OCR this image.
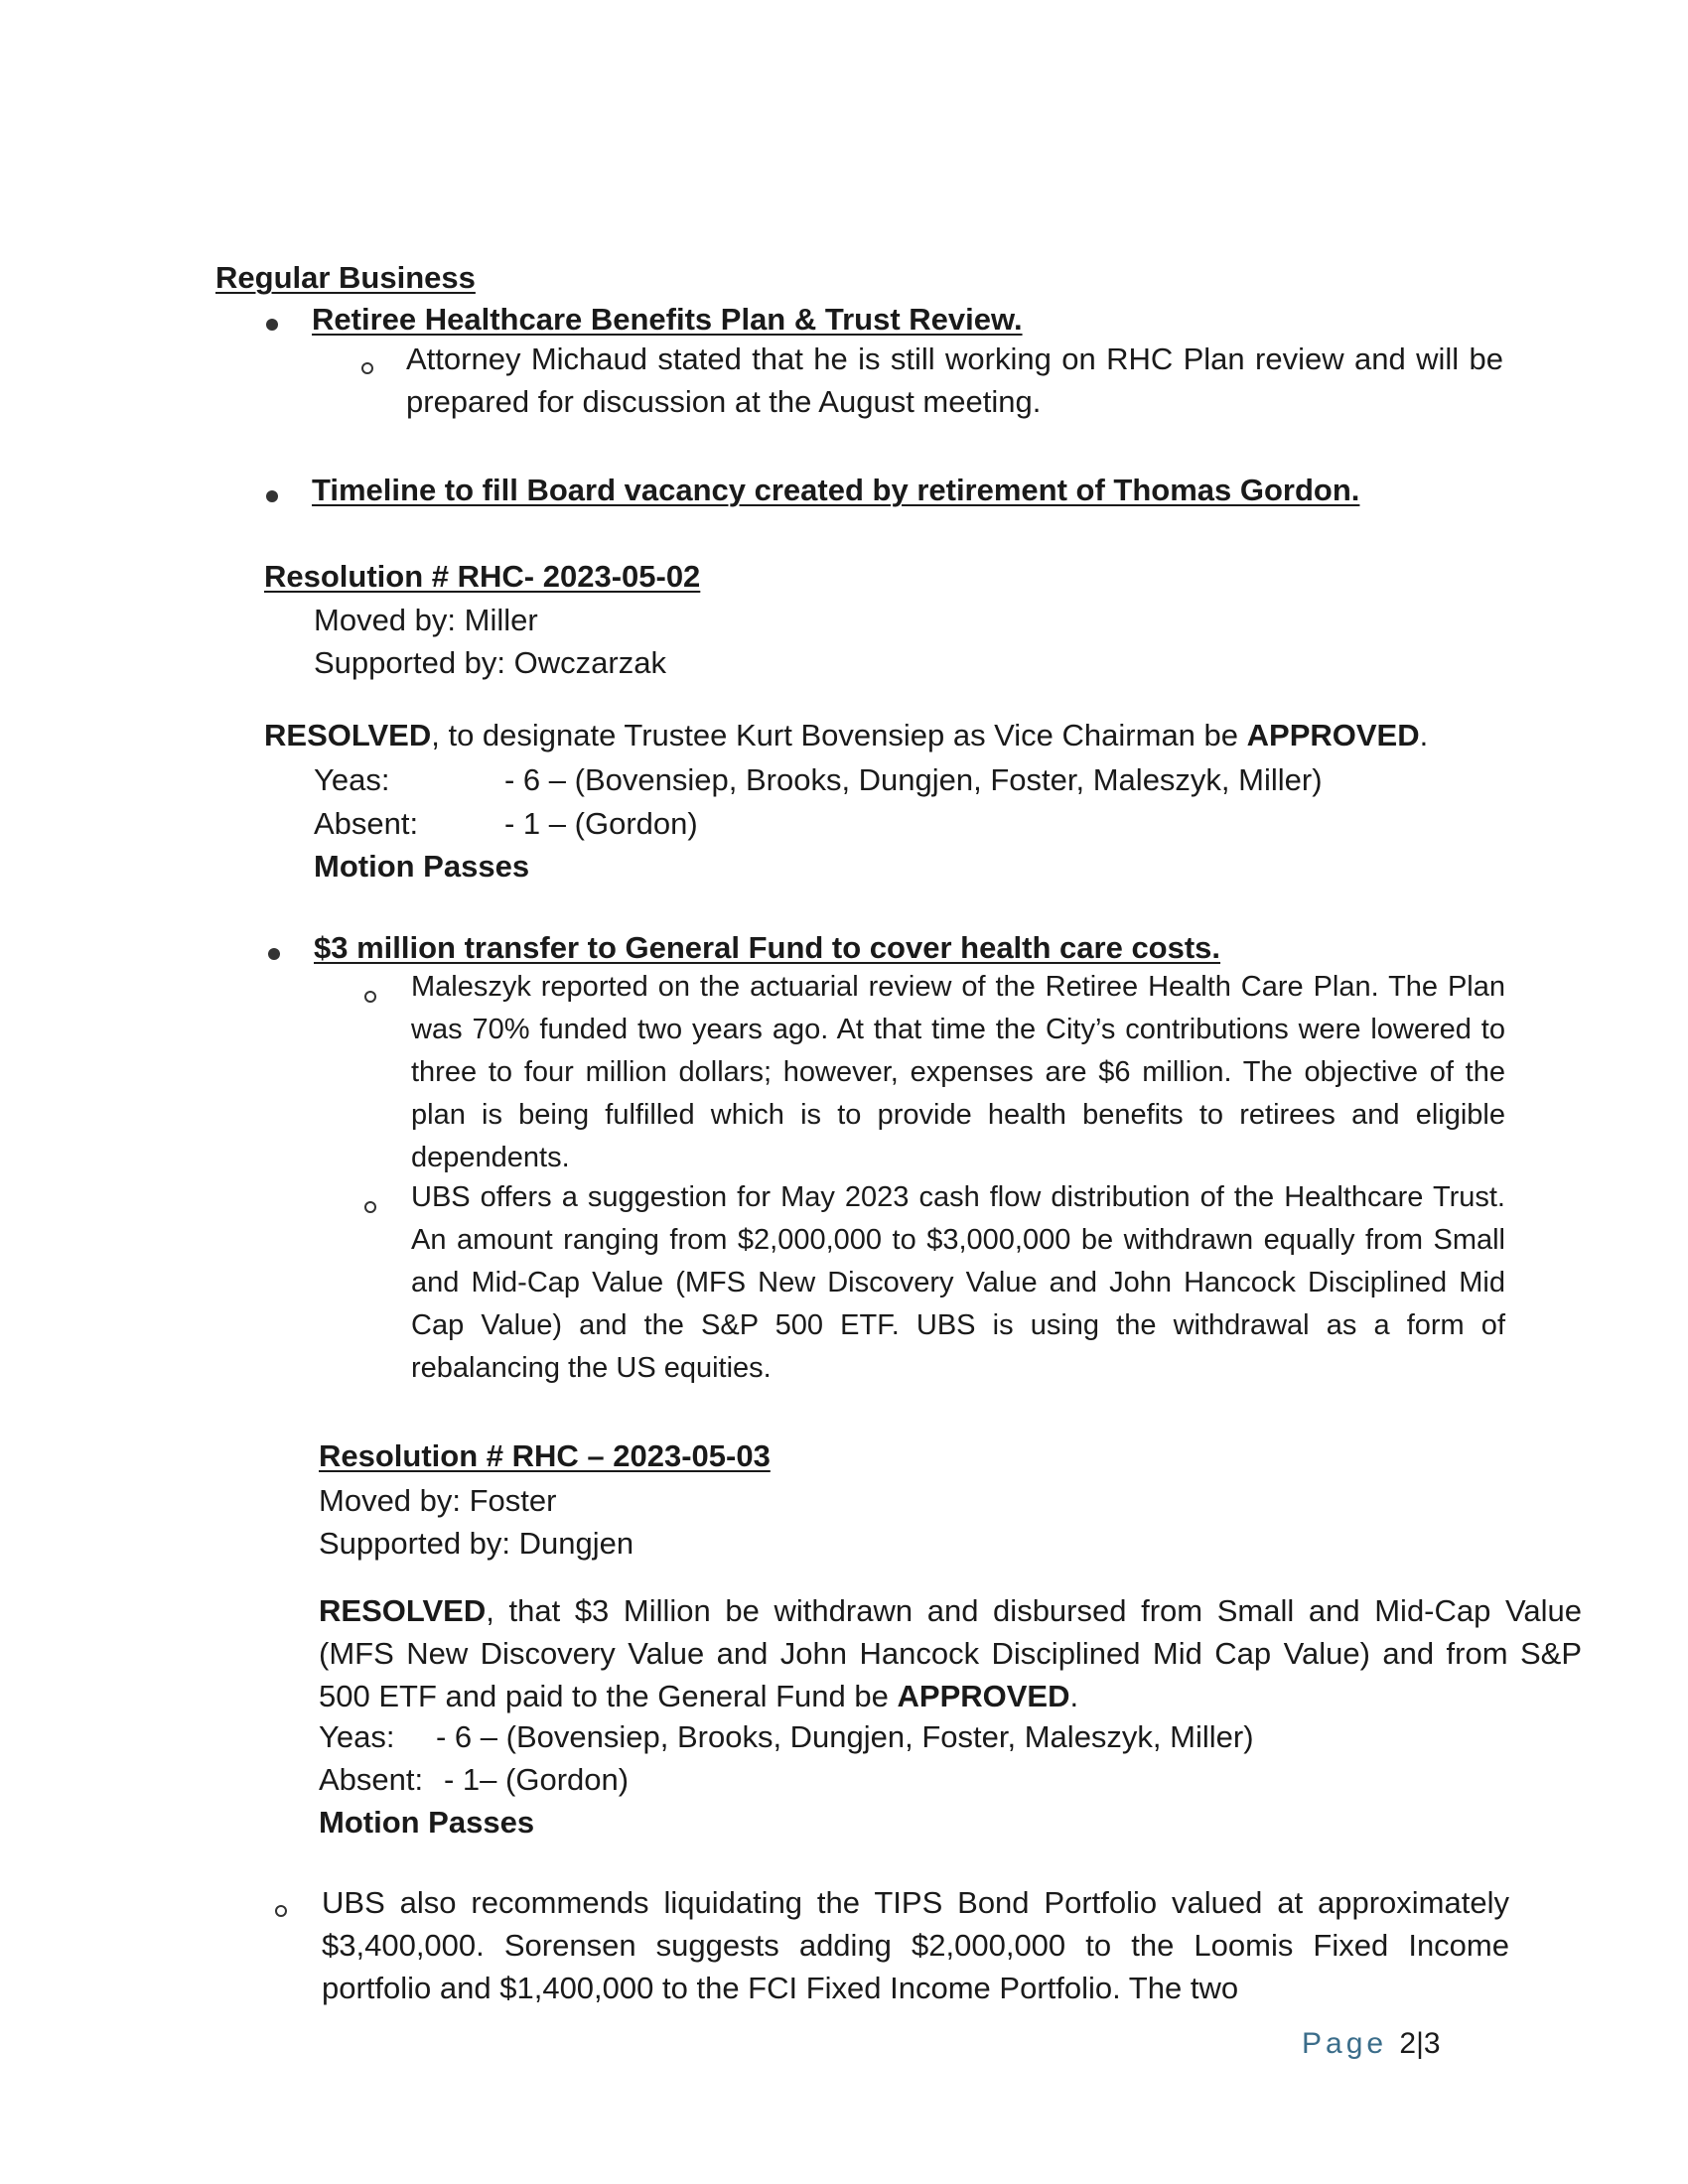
Regular Business
Retiree Healthcare Benefits Plan & Trust Review.
Attorney Michaud stated that he is still working on RHC Plan review and will be prepared for discussion at the August meeting.
Timeline to fill Board vacancy created by retirement of Thomas Gordon.
Resolution # RHC- 2023-05-02
Moved by: Miller
Supported by: Owczarzak
RESOLVED, to designate Trustee Kurt Bovensiep as Vice Chairman be APPROVED.
Yeas:	- 6 – (Bovensiep, Brooks, Dungjen, Foster, Maleszyk, Miller)
Absent:	- 1 – (Gordon)
Motion Passes
$3 million transfer to General Fund to cover health care costs.
Maleszyk reported on the actuarial review of the Retiree Health Care Plan. The Plan was 70% funded two years ago. At that time the City’s contributions were lowered to three to four million dollars; however, expenses are $6 million. The objective of the plan is being fulfilled which is to provide health benefits to retirees and eligible dependents.
UBS offers a suggestion for May 2023 cash flow distribution of the Healthcare Trust. An amount ranging from $2,000,000 to $3,000,000 be withdrawn equally from Small and Mid-Cap Value (MFS New Discovery Value and John Hancock Disciplined Mid Cap Value) and the S&P 500 ETF. UBS is using the withdrawal as a form of rebalancing the US equities.
Resolution # RHC – 2023-05-03
Moved by: Foster
Supported by: Dungjen
RESOLVED, that $3 Million be withdrawn and disbursed from Small and Mid-Cap Value (MFS New Discovery Value and John Hancock Disciplined Mid Cap Value) and from S&P 500 ETF and paid to the General Fund be APPROVED.
Yeas: - 6 – (Bovensiep, Brooks, Dungjen, Foster, Maleszyk, Miller)
Absent: - 1– (Gordon)
Motion Passes
UBS also recommends liquidating the TIPS Bond Portfolio valued at approximately $3,400,000. Sorensen suggests adding $2,000,000 to the Loomis Fixed Income portfolio and $1,400,000 to the FCI Fixed Income Portfolio. The two
Page 2|3
